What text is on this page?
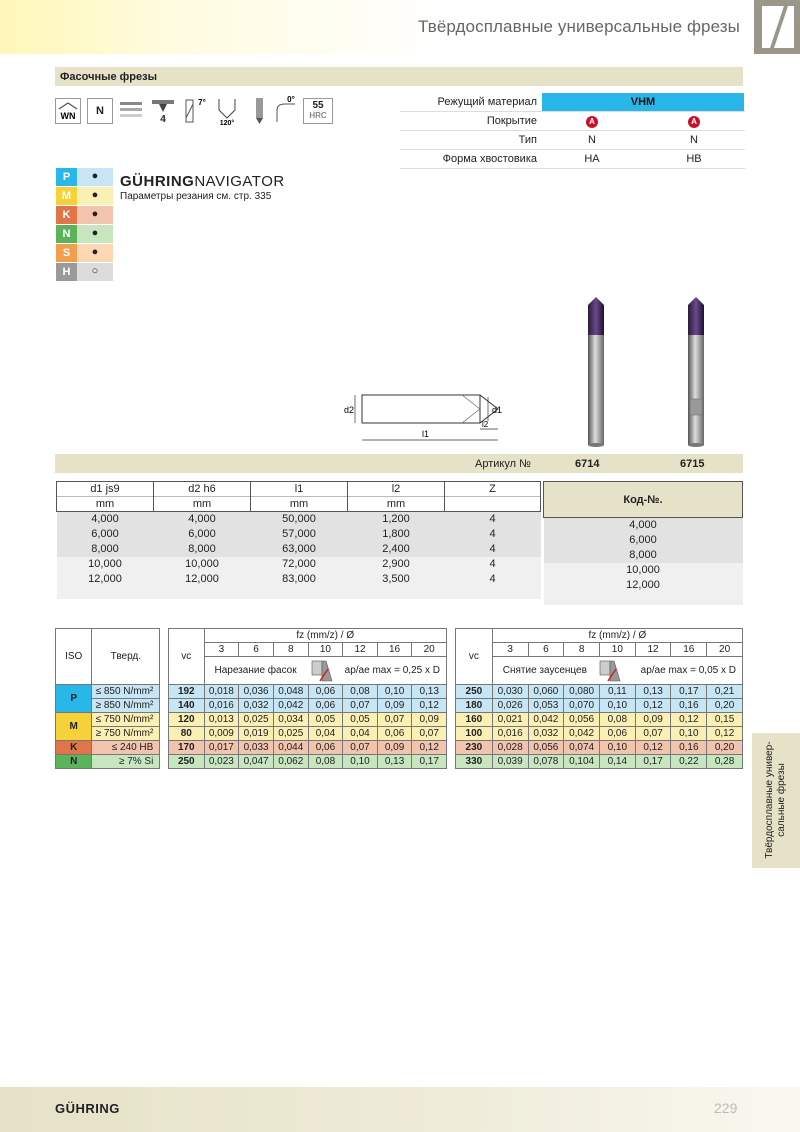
Твёрдосплавные универсальные фрезы
Фасочные фрезы
WN N
4
7°
120°
0°
55
HRC
Режущий материал	VHM
Покрытие	A	A
Тип	N	N
Форма хвостовика	HA	HB
P	●
M	●
K	●
N	●
S	●
H	○
GÜHRINGNAVIGATOR
Параметры резания см. стр. 335
d2	d1
l1
l2
Артикул №	6714	6715
d1 js9	d2 h6	l1	l2	Z
mm	mm	mm	mm	
4,000	4,000	50,000	1,200	4
6,000	6,000	57,000	1,800	4
8,000	8,000	63,000	2,400	4
10,000	10,000	72,000	2,900	4
12,000	12,000	83,000	3,500	4

Код-№.
4,000
6,000
8,000
10,000
12,000

ISO	Тверд.		vc	fz (mm/z) / Ø						
				3	6	8	10	12	16	20

				Нарезание фасок ap/ae max = 0,25 x D						

P	≤ 850 N/mm²		192	0,018	0,036	0,048	0,06	0,08	0,10	0,13
	≥ 850 N/mm²		140	0,016	0,032	0,042	0,06	0,07	0,09	0,12
M	≤ 750 N/mm²		120	0,013	0,025	0,034	0,05	0,05	0,07	0,09
	≥ 750 N/mm²		80	0,009	0,019	0,025	0,04	0,04	0,06	0,07
K	≤ 240 HB		170	0,017	0,033	0,044	0,06	0,07	0,09	0,12
N	≥ 7% Si		250	0,023	0,047	0,062	0,08	0,10	0,13	0,17
vc	fz (mm/z) / Ø						
	3	6	8	10	12	16	20

	Снятие заусенцев ap/ae max = 0,05 x D						

250	0,030	0,060	0,080	0,11	0,13	0,17	0,21
180	0,026	0,053	0,070	0,10	0,12	0,16	0,20
160	0,021	0,042	0,056	0,08	0,09	0,12	0,15
100	0,016	0,032	0,042	0,06	0,07	0,10	0,12
230	0,028	0,056	0,074	0,10	0,12	0,16	0,20
330	0,039	0,078	0,104	0,14	0,17	0,22	0,28	Твёрдосплавные универ- сальные фрезы
GÜHRING	229
